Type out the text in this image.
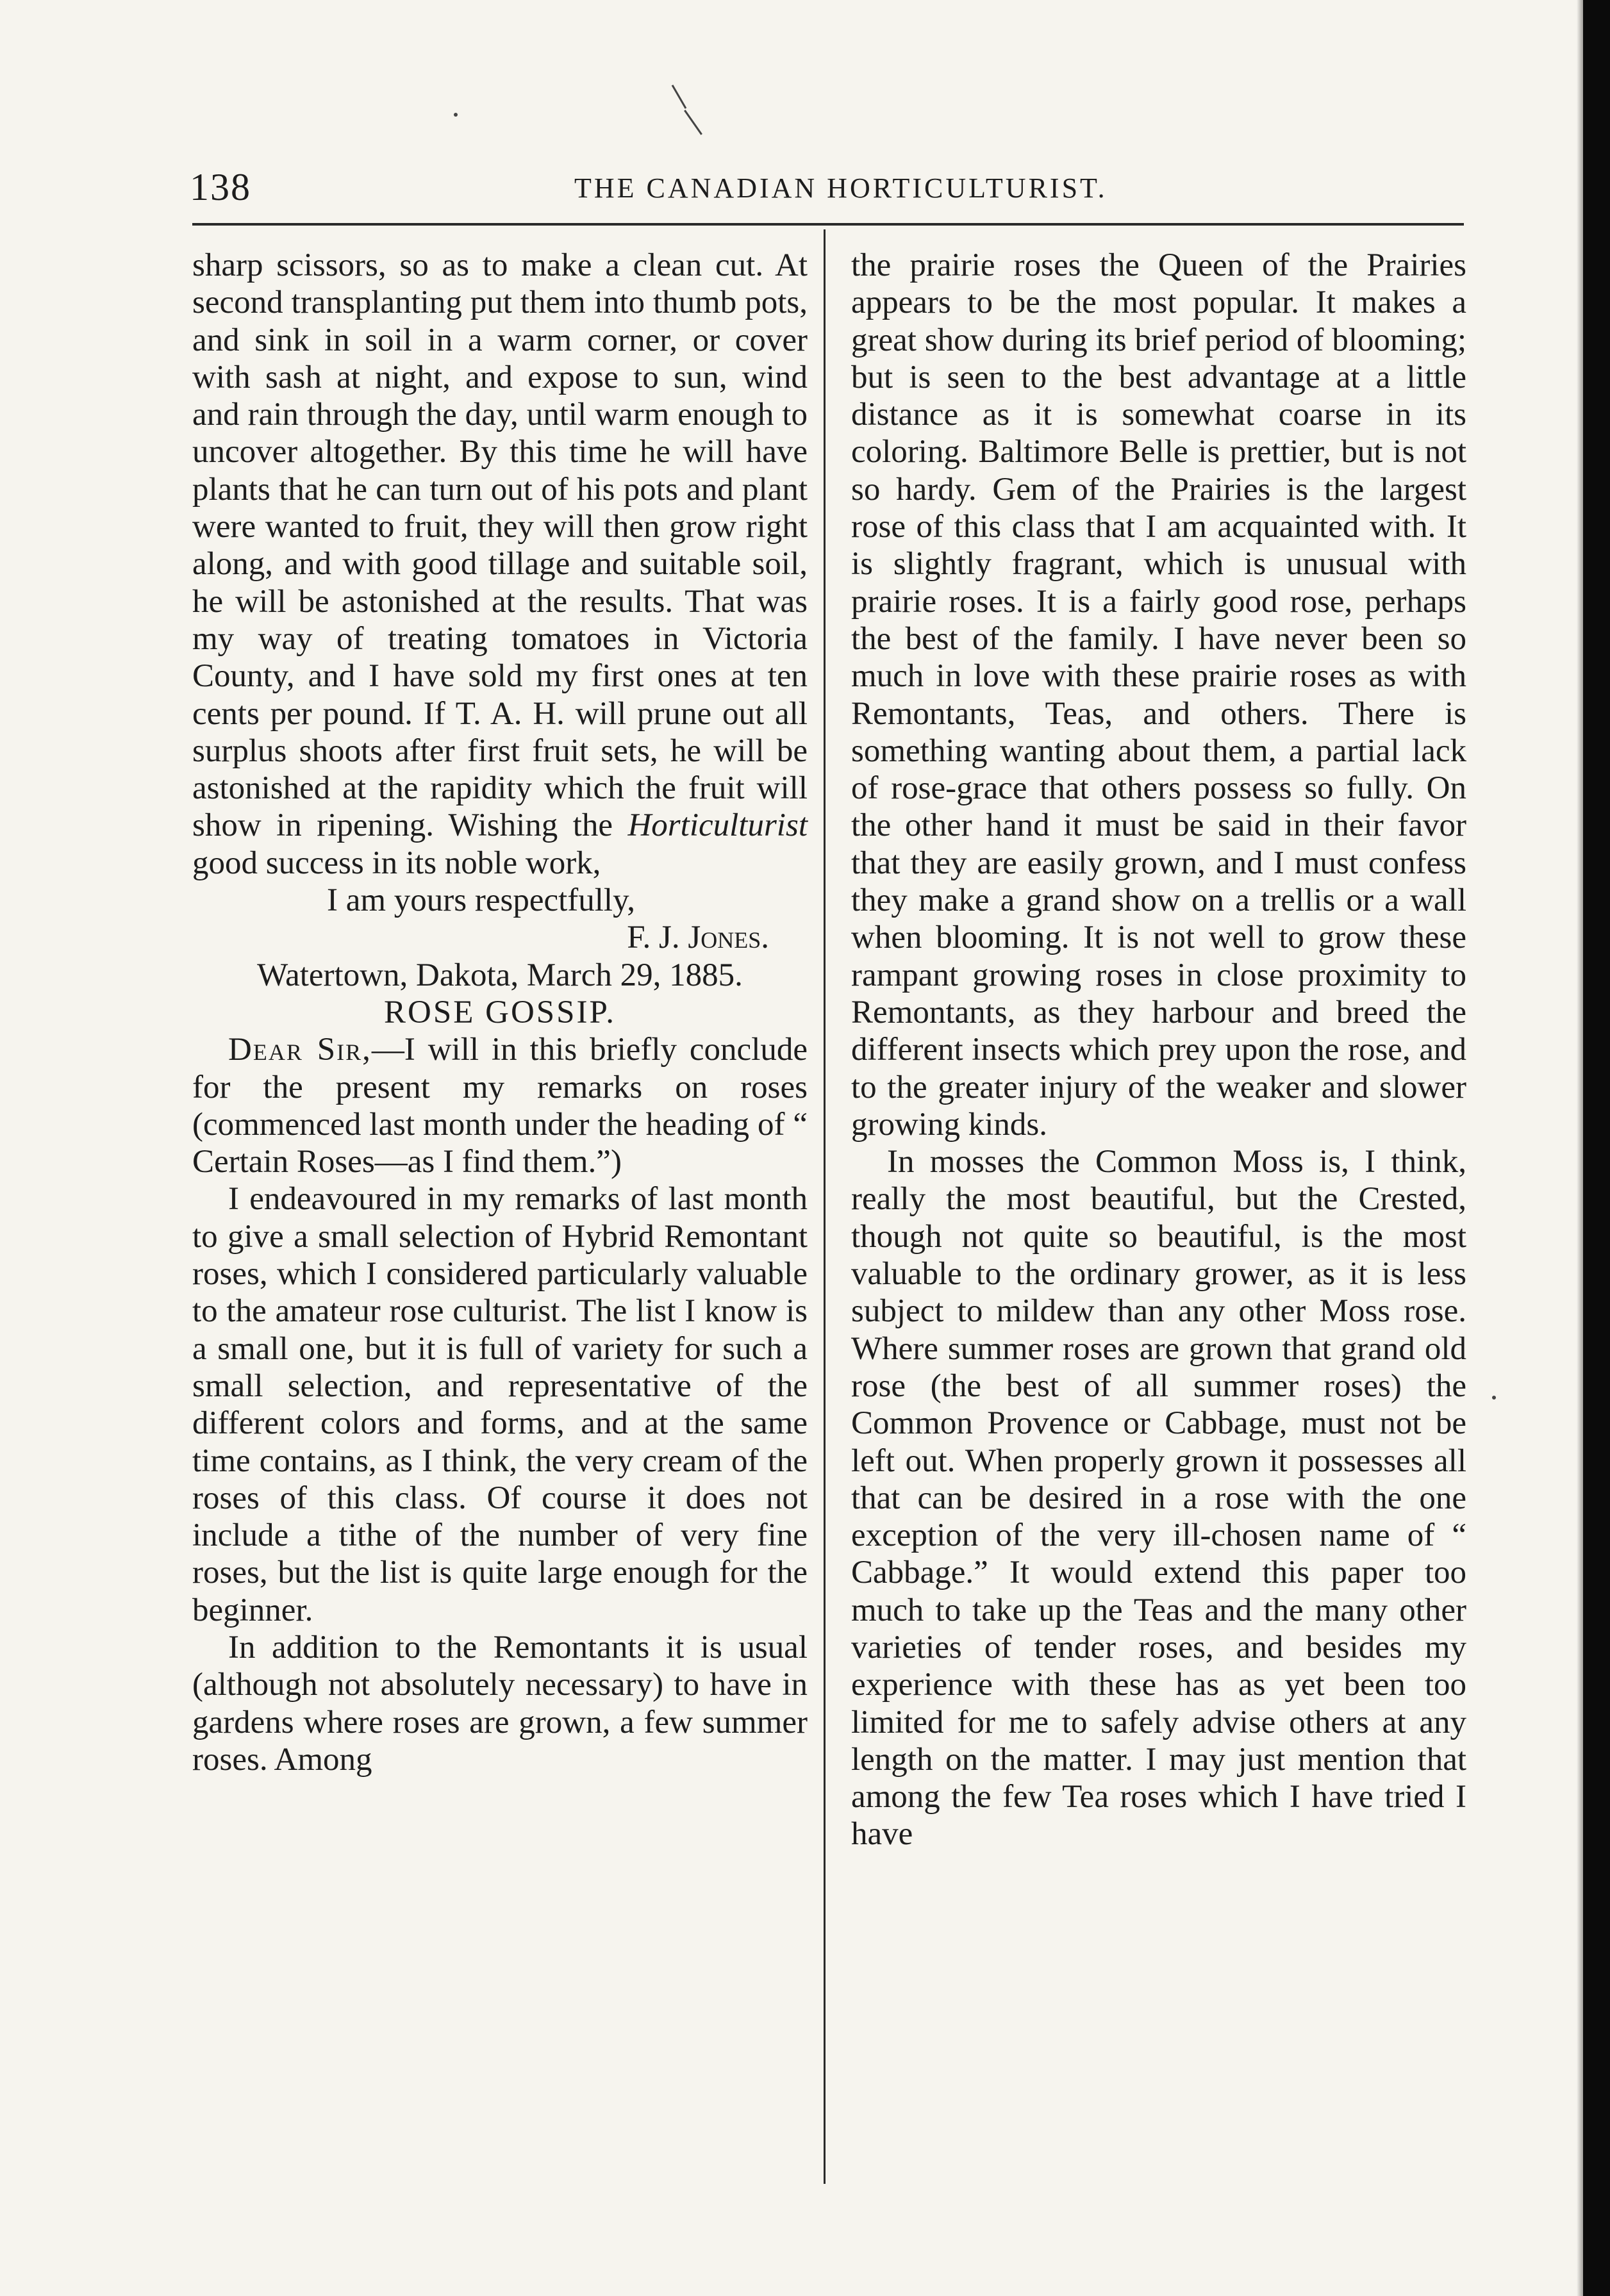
138	THE CANADIAN HORTICULTURIST.

sharp scissors, so as to make a clean cut. At second transplanting put them into thumb pots, and sink in soil in a warm corner, or cover with sash at night, and expose to sun, wind and rain through the day, until warm enough to uncover altogether. By this time he will have plants that he can turn out of his pots and plant were wanted to fruit, they will then grow right along, and with good tillage and suitable soil, he will be astonished at the results. That was my way of treating tomatoes in Victoria County, and I have sold my first ones at ten cents per pound. If T. A. H. will prune out all surplus shoots after first fruit sets, he will be astonished at the rapidity which the fruit will show in ripening. Wishing the Horticulturist good success in its noble work,

I am yours respectfully,

F. J. Jones.

Watertown, Dakota, March 29, 1885.

ROSE GOSSIP.

Dear Sir,—I will in this briefly conclude for the present my remarks on roses (commenced last month under the heading of “ Certain Roses—as I find them.”)

I endeavoured in my remarks of last month to give a small selection of Hybrid Remontant roses, which I considered particularly valuable to the amateur rose culturist. The list I know is a small one, but it is full of variety for such a small selection, and representative of the different colors and forms, and at the same time contains, as I think, the very cream of the roses of this class. Of course it does not include a tithe of the number of very fine roses, but the list is quite large enough for the beginner.

In addition to the Remontants it is usual (although not absolutely necessary) to have in gardens where roses are grown, a few summer roses. Among

the prairie roses the Queen of the Prairies appears to be the most popular. It makes a great show during its brief period of blooming; but is seen to the best advantage at a little distance as it is somewhat coarse in its coloring. Baltimore Belle is prettier, but is not so hardy. Gem of the Prairies is the largest rose of this class that I am acquainted with. It is slightly fragrant, which is unusual with prairie roses. It is a fairly good rose, perhaps the best of the family. I have never been so much in love with these prairie roses as with Remontants, Teas, and others. There is something wanting about them, a partial lack of rose-grace that others possess so fully. On the other hand it must be said in their favor that they are easily grown, and I must confess they make a grand show on a trellis or a wall when blooming. It is not well to grow these rampant growing roses in close proximity to Remontants, as they harbour and breed the different insects which prey upon the rose, and to the greater injury of the weaker and slower growing kinds.

In mosses the Common Moss is, I think, really the most beautiful, but the Crested, though not quite so beautiful, is the most valuable to the ordinary grower, as it is less subject to mildew than any other Moss rose. Where summer roses are grown that grand old rose (the best of all summer roses) the Common Provence or Cabbage, must not be left out. When properly grown it possesses all that can be desired in a rose with the one exception of the very ill-chosen name of “ Cabbage.” It would extend this paper too much to take up the Teas and the many other varieties of tender roses, and besides my experience with these has as yet been too limited for me to safely advise others at any length on the matter. I may just mention that among the few Tea roses which I have tried I have
